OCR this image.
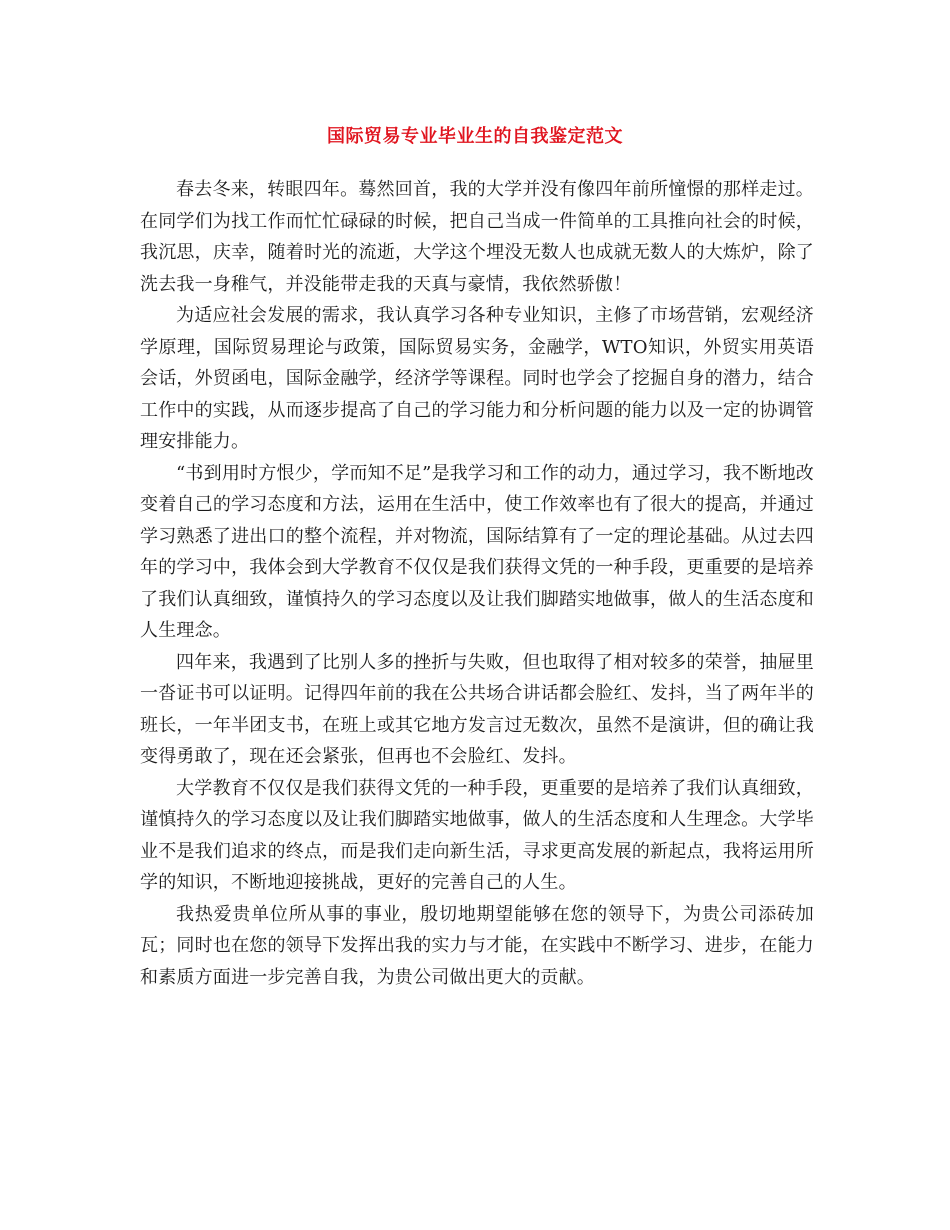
国际贸易专业毕业生的自我鉴定范文

春去冬来，转眼四年。蓦然回首，我的大学并没有像四年前所憧憬的那样走过。在同学们为找工作而忙忙碌碌的时候，把自己当成一件简单的工具推向社会的时候，我沉思，庆幸，随着时光的流逝，大学这个埋没无数人也成就无数人的大炼炉，除了洗去我一身稚气，并没能带走我的天真与豪情，我依然骄傲！

为适应社会发展的需求，我认真学习各种专业知识，主修了市场营销，宏观经济学原理，国际贸易理论与政策，国际贸易实务，金融学，WTO知识，外贸实用英语会话，外贸函电，国际金融学，经济学等课程。同时也学会了挖掘自身的潜力，结合工作中的实践，从而逐步提高了自己的学习能力和分析问题的能力以及一定的协调管理安排能力。

“书到用时方恨少，学而知不足”是我学习和工作的动力，通过学习，我不断地改变着自己的学习态度和方法，运用在生活中，使工作效率也有了很大的提高，并通过学习熟悉了进出口的整个流程，并对物流，国际结算有了一定的理论基础。从过去四年的学习中，我体会到大学教育不仅仅是我们获得文凭的一种手段，更重要的是培养了我们认真细致，谨慎持久的学习态度以及让我们脚踏实地做事，做人的生活态度和人生理念。

四年来，我遇到了比别人多的挫折与失败，但也取得了相对较多的荣誉，抽屉里一沓证书可以证明。记得四年前的我在公共场合讲话都会脸红、发抖，当了两年半的班长，一年半团支书，在班上或其它地方发言过无数次，虽然不是演讲，但的确让我变得勇敢了，现在还会紧张，但再也不会脸红、发抖。

大学教育不仅仅是我们获得文凭的一种手段，更重要的是培养了我们认真细致，谨慎持久的学习态度以及让我们脚踏实地做事，做人的生活态度和人生理念。大学毕业不是我们追求的终点，而是我们走向新生活，寻求更高发展的新起点，我将运用所学的知识，不断地迎接挑战，更好的完善自己的人生。

我热爱贵单位所从事的事业，殷切地期望能够在您的领导下，为贵公司添砖加瓦；同时也在您的领导下发挥出我的实力与才能，在实践中不断学习、进步，在能力和素质方面进一步完善自我，为贵公司做出更大的贡献。
